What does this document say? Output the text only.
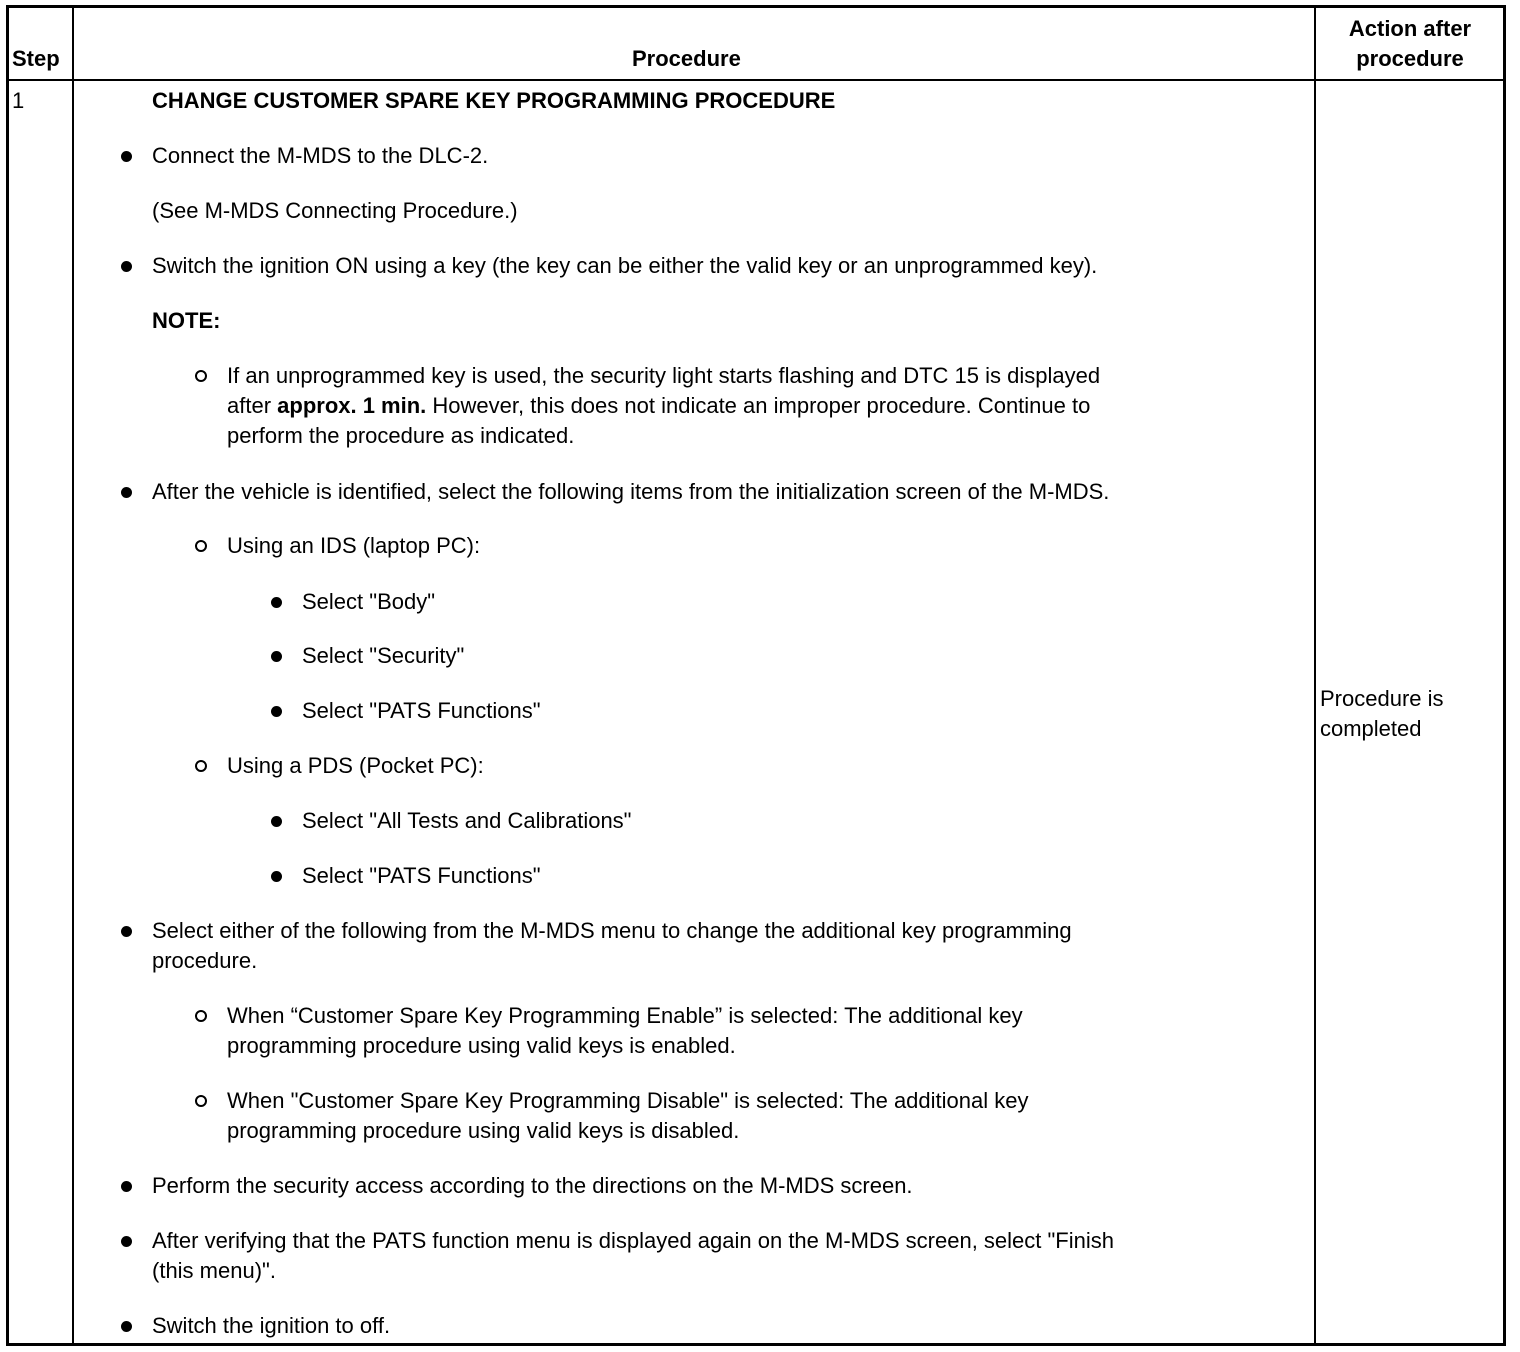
Step	Procedure
Action after
procedure
1	CHANGE CUSTOMER SPARE KEY PROGRAMMING PROCEDURE
Connect the M-MDS to the DLC-2.
(See M-MDS Connecting Procedure.)
Switch the ignition ON using a key (the key can be either the valid key or an unprogrammed key).
NOTE:
If an unprogrammed key is used, the security light starts flashing and DTC 15 is displayed
after approx. 1 min. However, this does not indicate an improper procedure. Continue to
perform the procedure as indicated.
After the vehicle is identified, select the following items from the initialization screen of the M-MDS.
Using an IDS (laptop PC):
Select "Body"
Select "Security"
Select "PATS Functions"
Using a PDS (Pocket PC):
Select "All Tests and Calibrations"
Select "PATS Functions"
Select either of the following from the M-MDS menu to change the additional key programming
procedure.
When “Customer Spare Key Programming Enable” is selected: The additional key
programming procedure using valid keys is enabled.
When "Customer Spare Key Programming Disable" is selected: The additional key
programming procedure using valid keys is disabled.
Perform the security access according to the directions on the M-MDS screen.
After verifying that the PATS function menu is displayed again on the M-MDS screen, select "Finish
(this menu)".
Switch the ignition to off.
Procedure is
completed
